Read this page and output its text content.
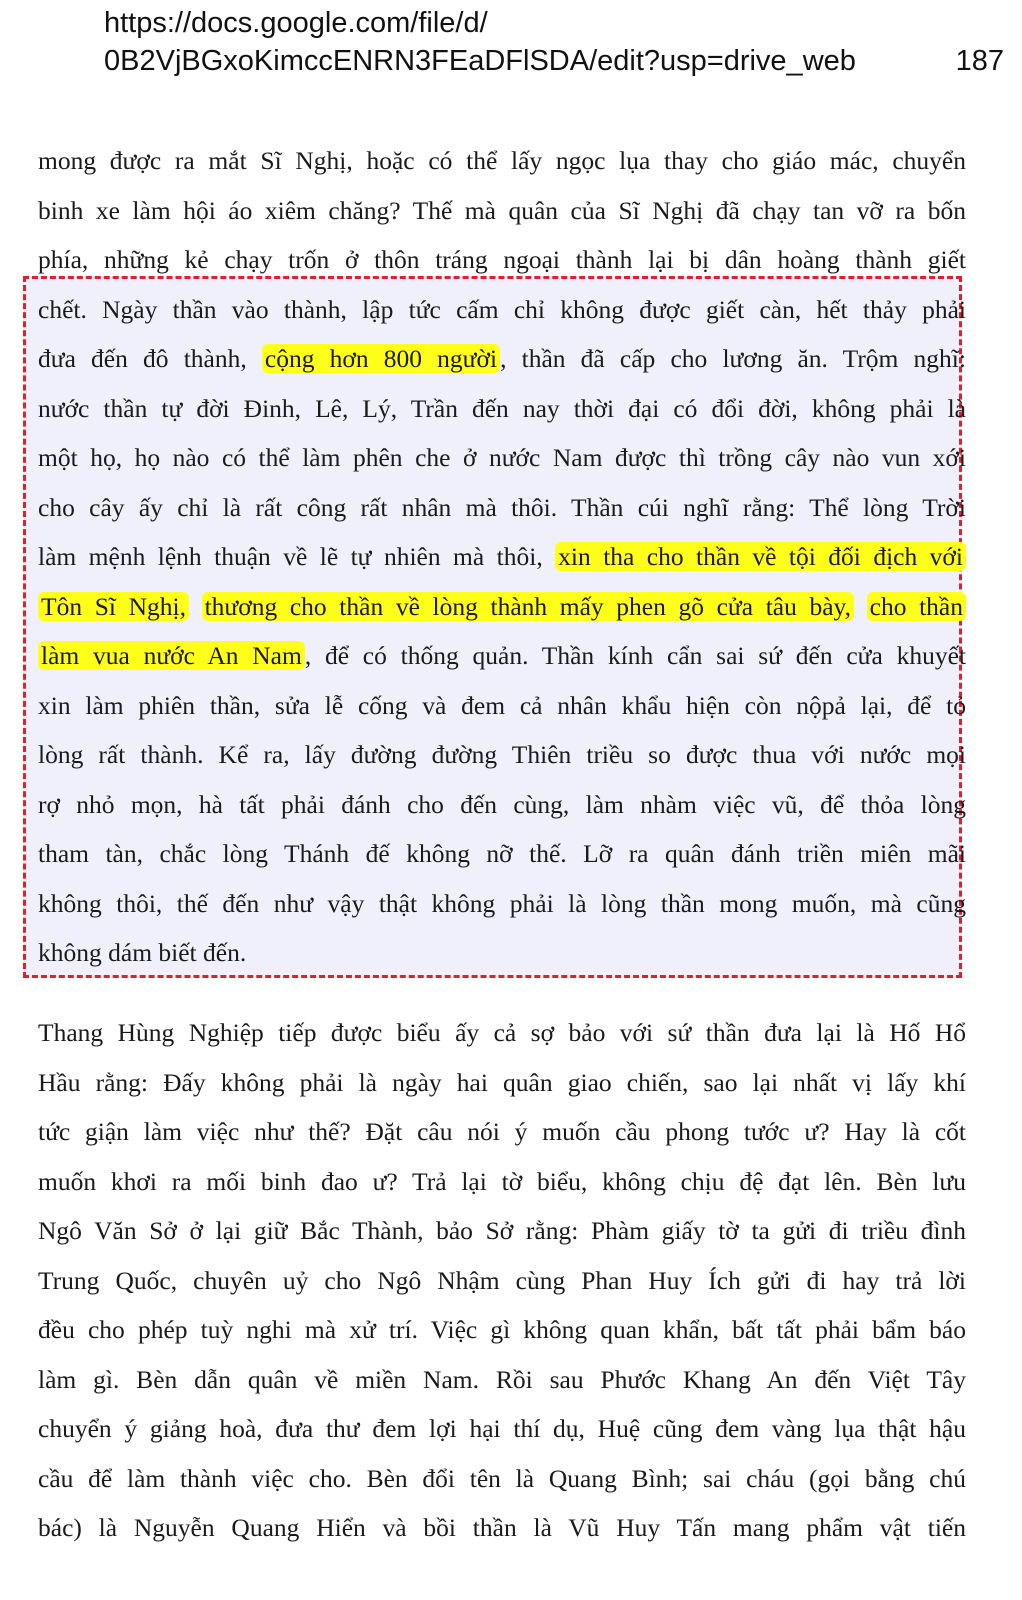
https://docs.google.com/file/d/
0B2VjBGxoKimccENRN3FEaDFlSDA/edit?usp=drive_web	187

mong được ra mắt Sĩ Nghị, hoặc có thể lấy ngọc lụa thay cho giáo mác, chuyển

binh xe làm hội áo xiêm chăng? Thế mà quân của Sĩ Nghị đã chạy tan vỡ ra bốn

phía, những kẻ chạy trốn ở thôn tráng ngoại thành lại bị dân hoàng thành giết

chết. Ngày thần vào thành, lập tức cấm chỉ không được giết càn, hết thảy phải

đưa đến đô thành, cộng hơn 800 người , thần đã cấp cho lương ăn. Trộm nghĩ:

nước thần tự đời Đinh, Lê, Lý, Trần đến nay thời đại có đổi đời, không phải là

một họ, họ nào có thể làm phên che ở nước Nam được thì trồng cây nào vun xới

cho cây ấy chỉ là rất công rất nhân mà thôi. Thần cúi nghĩ rằng: Thể lòng Trời

làm mệnh lệnh thuận về lẽ tự nhiên mà thôi, xin tha cho thần về tội đối địch với

Tôn Sĩ Nghị, thương cho thần về lòng thành mấy phen gõ cửa tâu bày, cho thần

làm vua nước An Nam , để có thống quản. Thần kính cẩn sai sứ đến cửa khuyết

xin làm phiên thần, sửa lễ cống và đem cả nhân khẩu hiện còn nộpả lại, để tỏ

lòng rất thành. Kể ra, lấy đường đường Thiên triều so được thua với nước mọi

rợ nhỏ mọn, hà tất phải đánh cho đến cùng, làm nhàm việc vũ, để thỏa lòng

tham tàn, chắc lòng Thánh đế không nỡ thế. Lỡ ra quân đánh triền miên mãi

không thôi, thế đến như vậy thật không phải là lòng thần mong muốn, mà cũng

không dám biết đến.

Thang Hùng Nghiệp tiếp được biểu ấy cả sợ bảo với sứ thần đưa lại là Hố Hổ

Hầu rằng: Đấy không phải là ngày hai quân giao chiến, sao lại nhất vị lấy khí

tức giận làm việc như thế? Đặt câu nói ý muốn cầu phong tước ư? Hay là cốt

muốn khơi ra mối binh đao ư? Trả lại tờ biểu, không chịu đệ đạt lên. Bèn lưu

Ngô Văn Sở ở lại giữ Bắc Thành, bảo Sở rằng: Phàm giấy tờ ta gửi đi triều đình

Trung Quốc, chuyên uỷ cho Ngô Nhậm cùng Phan Huy Ích gửi đi hay trả lời

đều cho phép tuỳ nghi mà xử trí. Việc gì không quan khẩn, bất tất phải bẩm báo

làm gì. Bèn dẫn quân về miền Nam. Rồi sau Phước Khang An đến Việt Tây

chuyển ý giảng hoà, đưa thư đem lợi hại thí dụ, Huệ cũng đem vàng lụa thật hậu

cầu để làm thành việc cho. Bèn đổi tên là Quang Bình; sai cháu (gọi bằng chú

bác) là Nguyễn Quang Hiển và bồi thần là Vũ Huy Tấn mang phẩm vật tiến
